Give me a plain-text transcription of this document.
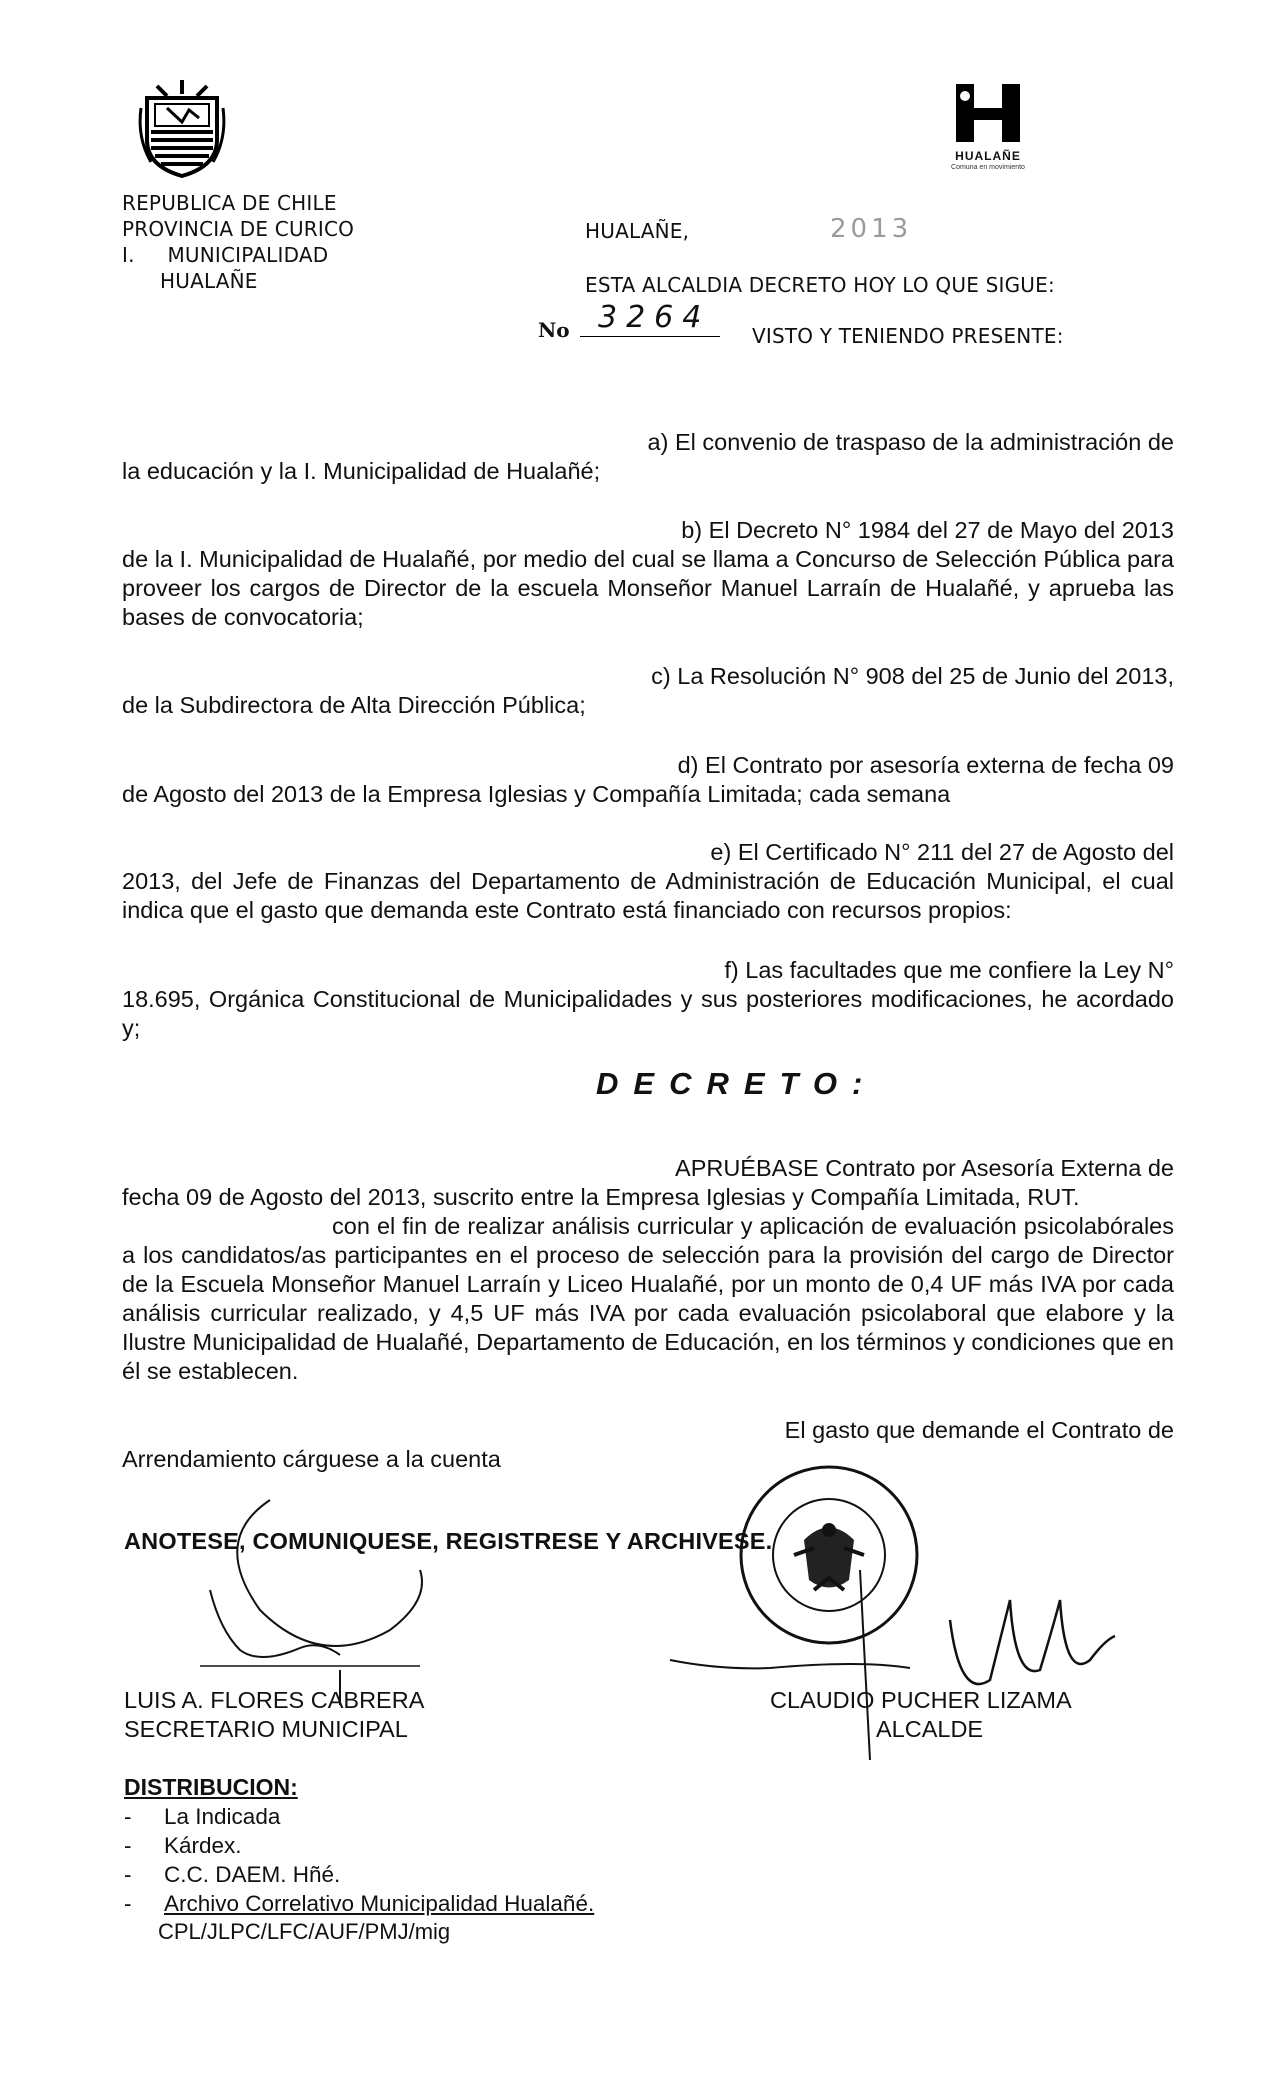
HUALAÑE
Comuna en movimiento
REPUBLICA DE CHILE
PROVINCIA DE CURICO
I.     MUNICIPALIDAD
HUALAÑE
HUALAÑE,	2013
ESTA ALCALDIA DECRETO HOY LO QUE SIGUE:
No 3264
VISTO Y TENIENDO PRESENTE:
a) El convenio de traspaso de la administración de
la educación y la I. Municipalidad de Hualañé;
b) El Decreto N° 1984 del 27 de Mayo del 2013
de la I. Municipalidad de Hualañé, por medio del cual se llama a Concurso de Selección Pública para proveer los cargos de Director de la escuela Monseñor Manuel Larraín de Hualañé, y aprueba las bases de convocatoria;
c) La Resolución N° 908 del 25 de Junio del 2013,
de la Subdirectora de Alta Dirección Pública;
d) El Contrato por asesoría externa de fecha 09
de Agosto del 2013 de la Empresa Iglesias y Compañía Limitada; cada semana
e) El Certificado N° 211 del 27 de Agosto del
2013, del Jefe de Finanzas del Departamento de Administración de Educación Municipal, el cual indica que el gasto que demanda este Contrato está financiado con recursos propios:
f) Las facultades que me confiere la Ley N°
18.695, Orgánica Constitucional de Municipalidades y sus posteriores modificaciones, he acordado y;
DECRETO:
APRUÉBASE Contrato por Asesoría Externa de
fecha 09 de Agosto del 2013, suscrito entre la Empresa Iglesias y Compañía Limitada, RUT.
con el fin de realizar análisis curricular y aplicación de evaluación psicolabórales a los candidatos/as participantes en el proceso de selección para la provisión del cargo de Director de la Escuela Monseñor Manuel Larraín y Liceo Hualañé, por un monto de 0,4 UF más IVA por cada análisis curricular realizado, y 4,5 UF más IVA por cada evaluación psicolaboral que elabore y la Ilustre Municipalidad de Hualañé, Departamento de Educación, en los términos y condiciones que en él se establecen.
El gasto que demande el Contrato de
Arrendamiento cárguese a la cuenta
ANOTESE, COMUNIQUESE, REGISTRESE Y ARCHIVESE.
LUIS A. FLORES CABRERA
SECRETARIO MUNICIPAL
CLAUDIO PUCHER LIZAMA
ALCALDE
DISTRIBUCION:
- La Indicada
- Kárdex.
- C.C. DAEM. Hñé.
- Archivo Correlativo Municipalidad Hualañé.
CPL/JLPC/LFC/AUF/PMJ/mig
